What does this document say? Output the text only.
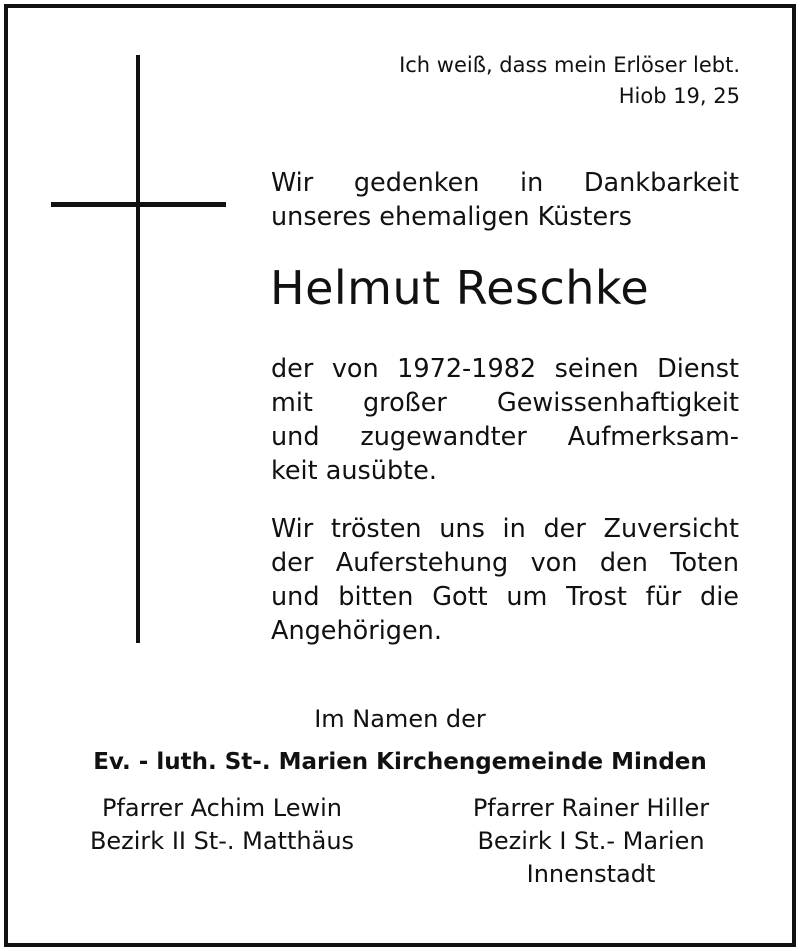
Ich weiß, dass mein Erlöser lebt.
Hiob 19, 25
Wir gedenken in Dankbarkeit
unseres ehemaligen Küsters
Helmut Reschke
der von 1972-1982 seinen Dienst
mit großer Gewissenhaftigkeit
und zugewandter Aufmerksam-
keit ausübte.
Wir trösten uns in der Zuversicht
der Auferstehung von den Toten
und bitten Gott um Trost für die
Angehörigen.
Im Namen der
Ev. - luth. St-. Marien Kirchengemeinde Minden
Pfarrer Achim Lewin
Bezirk II St-. Matthäus
Pfarrer Rainer Hiller
Bezirk I St.- Marien
Innenstadt
